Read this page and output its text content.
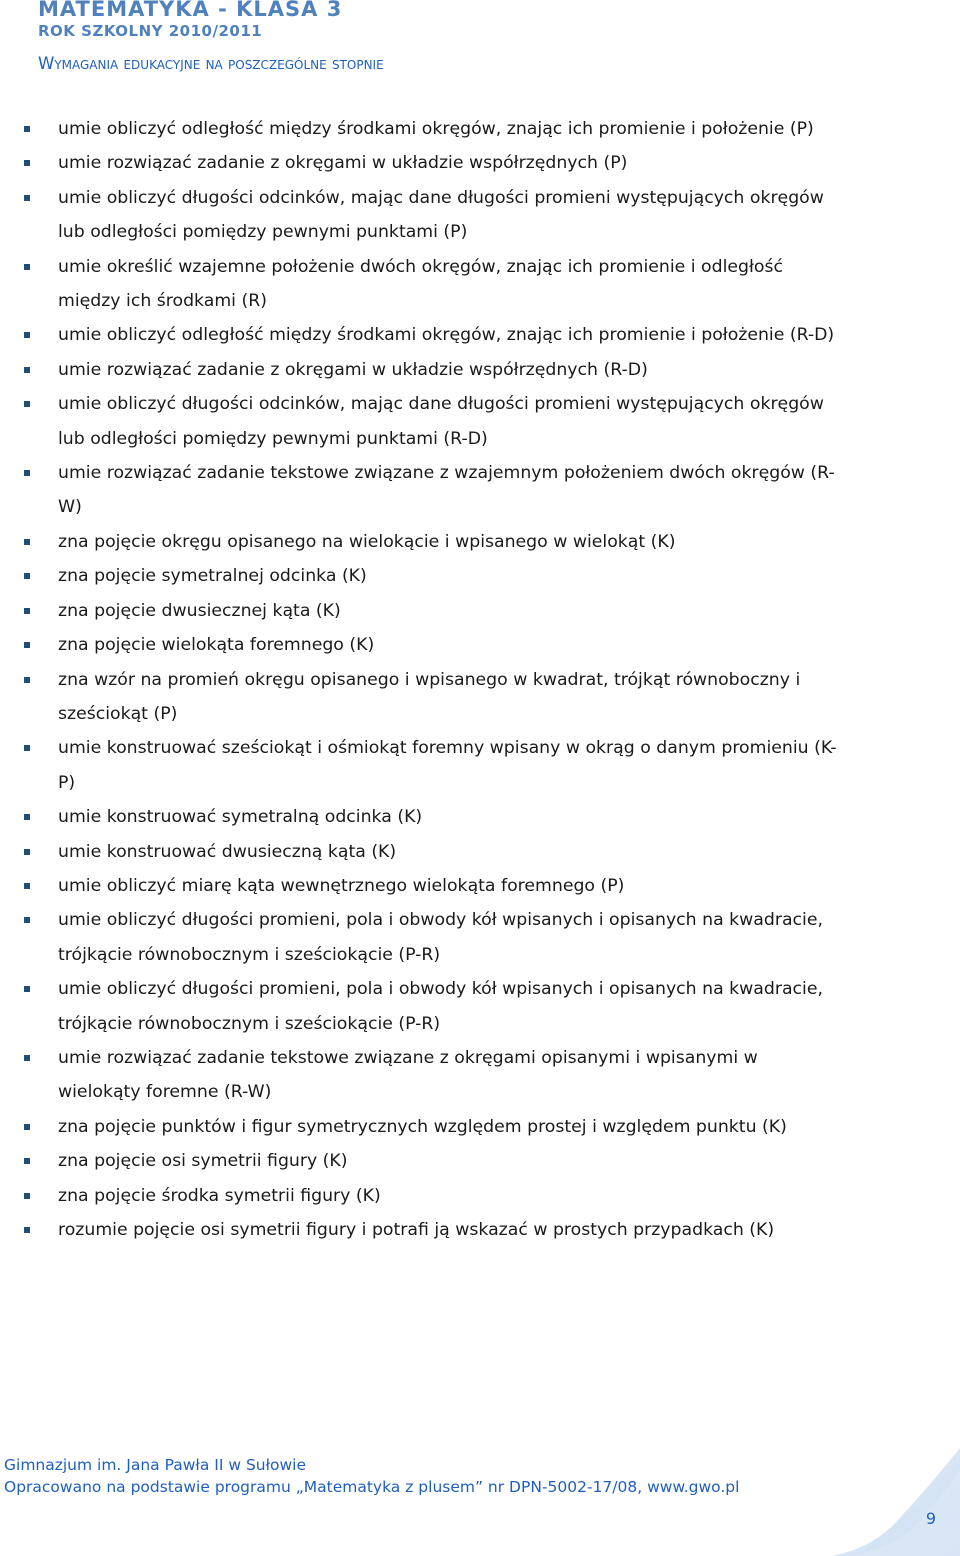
MATEMATYKA - KLASA 3
ROK SZKOLNY 2010/2011
Wymagania edukacyjne na poszczególne stopnie
umie obliczyć odległość między środkami okręgów, znając ich promienie i położenie (P)
umie rozwiązać zadanie z okręgami w układzie współrzędnych (P)
umie obliczyć długości odcinków, mając dane długości promieni występujących okręgów lub odległości pomiędzy pewnymi punktami (P)
umie określić wzajemne położenie dwóch okręgów, znając ich promienie i odległość między ich środkami (R)
umie obliczyć odległość między środkami okręgów, znając ich promienie i położenie (R-D)
umie rozwiązać zadanie z okręgami w układzie współrzędnych (R-D)
umie obliczyć długości odcinków, mając dane długości promieni występujących okręgów lub odległości pomiędzy pewnymi punktami (R-D)
umie rozwiązać zadanie tekstowe związane z wzajemnym położeniem dwóch okręgów (R-W)
zna pojęcie okręgu opisanego na wielokącie i wpisanego w wielokąt (K)
zna pojęcie symetralnej odcinka (K)
zna pojęcie dwusiecznej kąta (K)
zna pojęcie wielokąta foremnego (K)
zna wzór na promień okręgu opisanego i wpisanego w kwadrat, trójkąt równoboczny i sześciokąt (P)
umie konstruować sześciokąt i ośmiokąt foremny wpisany w okrąg o danym promieniu (K-P)
umie konstruować symetralną odcinka (K)
umie konstruować dwusieczną kąta (K)
umie obliczyć miarę kąta wewnętrznego wielokąta foremnego (P)
umie obliczyć długości promieni, pola i obwody kół wpisanych i opisanych na kwadracie, trójkącie równobocznym i sześciokącie (P-R)
umie obliczyć długości promieni, pola i obwody kół wpisanych i opisanych na kwadracie, trójkącie równobocznym i sześciokącie (P-R)
umie rozwiązać zadanie tekstowe związane z okręgami opisanymi i wpisanymi w wielokąty foremne (R-W)
zna pojęcie punktów i figur symetrycznych względem prostej i względem punktu (K)
zna pojęcie osi symetrii figury (K)
zna pojęcie środka symetrii figury (K)
rozumie pojęcie osi symetrii figury i potrafi ją wskazać w prostych przypadkach (K)
Gimnazjum im. Jana Pawła II w Sułowie
Opracowano na podstawie programu „Matematyka z plusem” nr DPN-5002-17/08, www.gwo.pl
9
